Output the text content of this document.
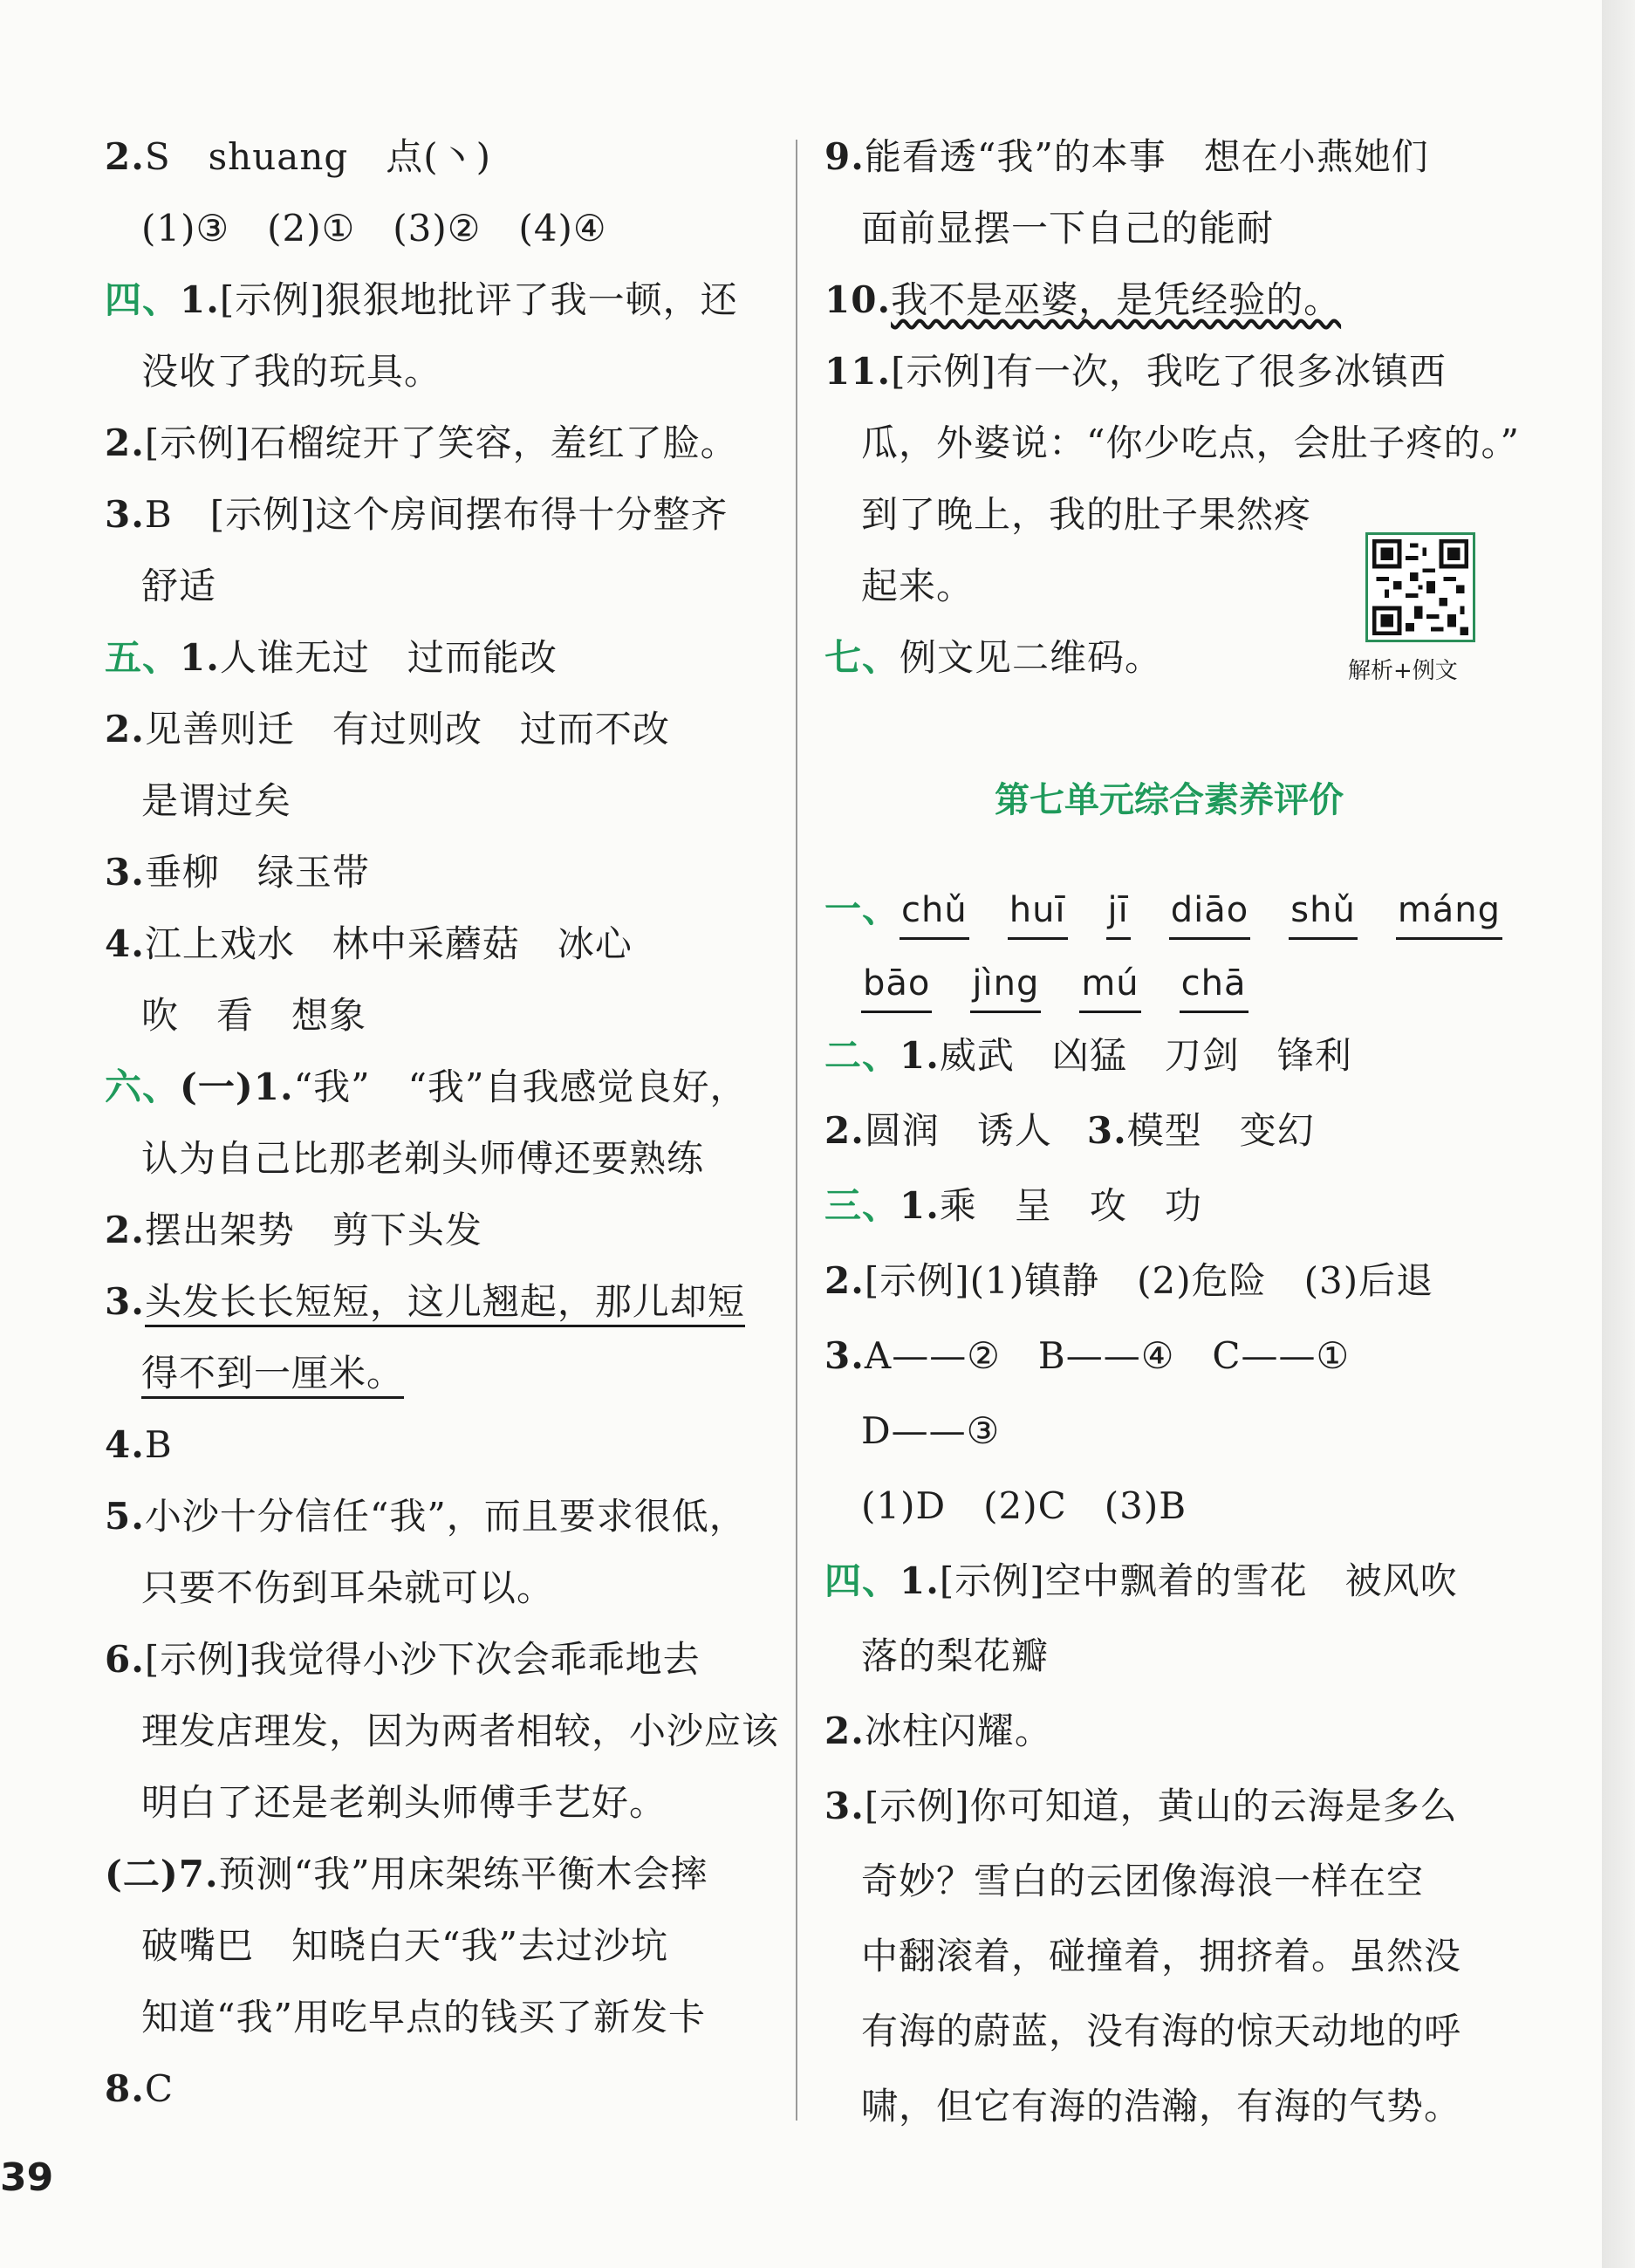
2.S　shuang　点(丶)
(1)③　(2)①　(3)②　(4)④
四、1.[示例]狠狠地批评了我一顿，还
没收了我的玩具。
2.[示例]石榴绽开了笑容，羞红了脸。
3.B　[示例]这个房间摆布得十分整齐
舒适
五、1.人谁无过　过而能改
2.见善则迁　有过则改　过而不改
是谓过矣
3.垂柳　绿玉带
4.江上戏水　林中采蘑菇　冰心
吹　看　想象
六、(一)1.“我”　“我”自我感觉良好，
认为自己比那老剃头师傅还要熟练
2.摆出架势　剪下头发
3.头发长长短短，这儿翘起，那儿却短
得不到一厘米。
4.B
5.小沙十分信任“我”，而且要求很低，
只要不伤到耳朵就可以。
6.[示例]我觉得小沙下次会乖乖地去
理发店理发，因为两者相较，小沙应该
明白了还是老剃头师傅手艺好。
(二)7.预测“我”用床架练平衡木会摔
破嘴巴　知晓白天“我”去过沙坑
知道“我”用吃早点的钱买了新发卡
8.C
9.能看透“我”的本事　想在小燕她们
面前显摆一下自己的能耐
10.我不是巫婆，是凭经验的。
11.[示例]有一次，我吃了很多冰镇西
瓜，外婆说：“你少吃点，会肚子疼的。”
到了晚上，我的肚子果然疼
起来。
解析+例文
七、例文见二维码。
第七单元综合素养评价
一、chǔ huī jī diāo shǔ máng
bāo jìng mú chā
二、1.威武　凶猛　刀剑　锋利
2.圆润　诱人 3.模型　变幻
三、1.乘　呈　攻　功
2.[示例](1)镇静　(2)危险　(3)后退
3.A——②　B——④　C——①
D——③
(1)D　(2)C　(3)B
四、1.[示例]空中飘着的雪花　被风吹
落的梨花瓣
2.冰柱闪耀。
3.[示例]你可知道，黄山的云海是多么
奇妙？雪白的云团像海浪一样在空
中翻滚着，碰撞着，拥挤着。虽然没
有海的蔚蓝，没有海的惊天动地的呼
啸，但它有海的浩瀚，有海的气势。
39
